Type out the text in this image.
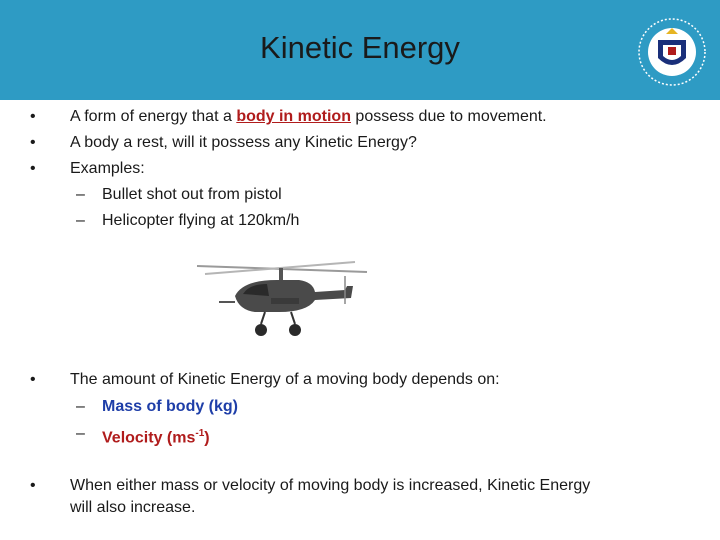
Kinetic Energy
• A form of energy that a body in motion possess due to movement.
• A body a rest, will it possess any Kinetic Energy?
• Examples:
– Bullet shot out from pistol
– Helicopter flying at 120km/h
• The amount of Kinetic Energy of a moving body depends on:
– Mass of body (kg)
– Velocity $(ms^{-1})$
• When either mass or velocity of moving body is increased, Kinetic Energy
will also increase.
